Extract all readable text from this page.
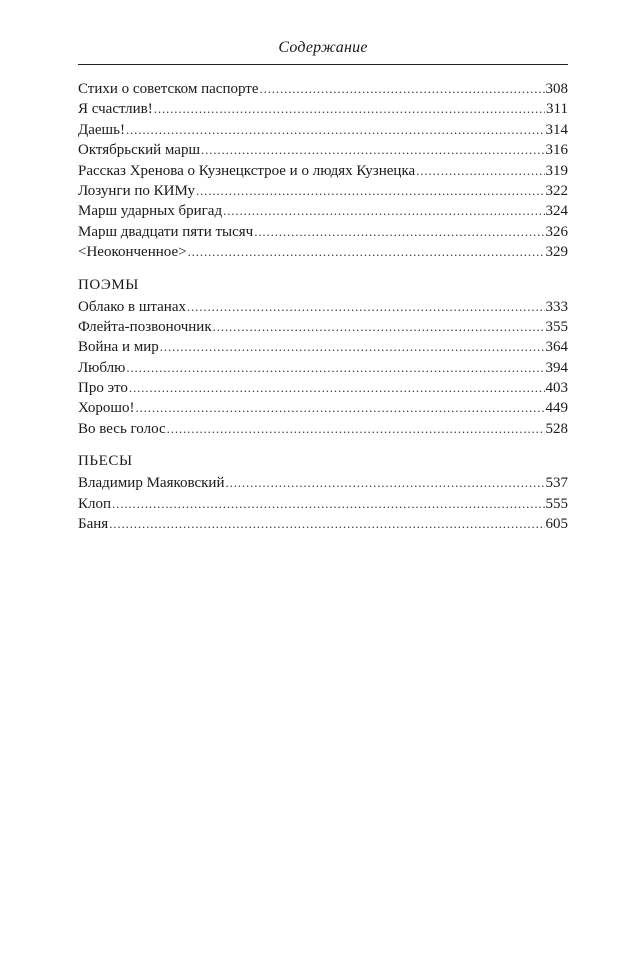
Содержание
Стихи о советском паспорте . . .	308
Я счастлив! . . .	311
Даешь! . . .	314
Октябрьский марш . . .	316
Рассказ Хренова о Кузнецкстрое и о людях Кузнецка . . .	319
Лозунги по КИМу . . .	322
Марш ударных бригад . . .	324
Марш двадцати пяти тысяч . . .	326
<Неоконченное> . . .	329
ПОЭМЫ
Облако в штанах . . .	333
Флейта-позвоночник . . .	355
Война и мир . . .	364
Люблю . . .	394
Про это . . .	403
Хорошо! . . .	449
Во весь голос . . .	528
ПЬЕСЫ
Владимир Маяковский . . .	537
Клоп . . .	555
Баня . . .	605
